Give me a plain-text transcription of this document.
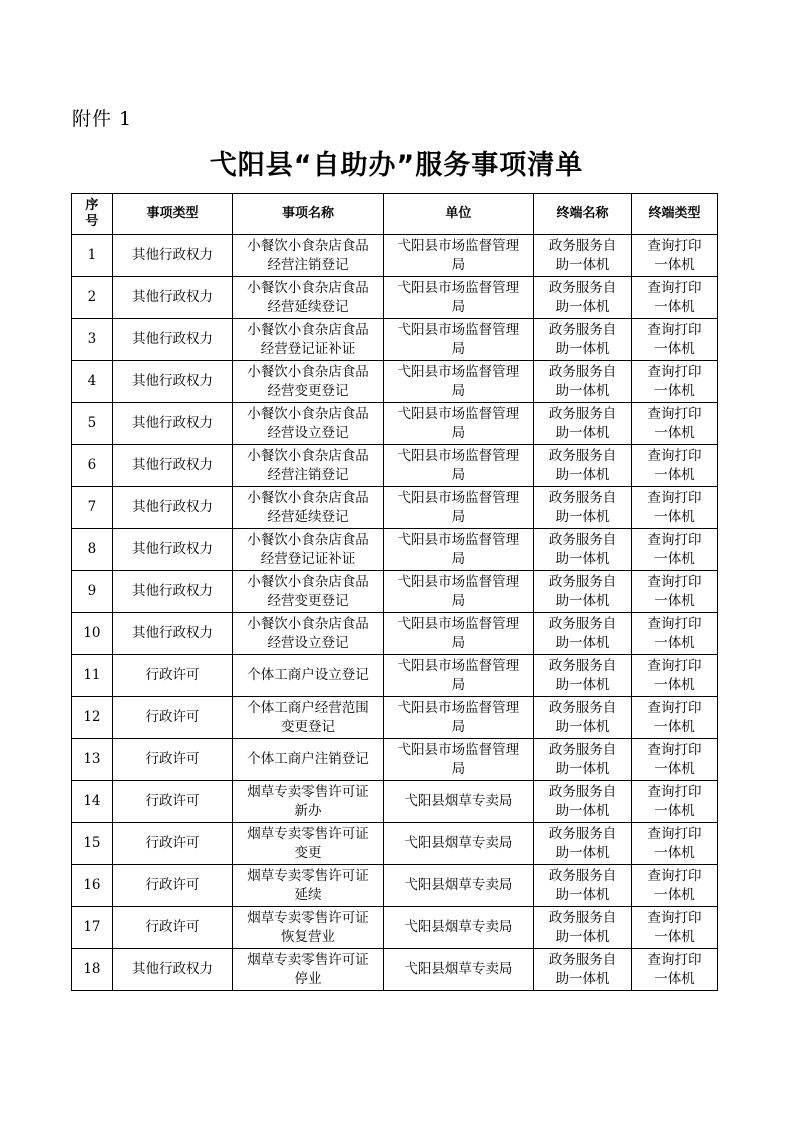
附件 1
弋阳县“自助办”服务事项清单
序号	事项类型	事项名称	单位	终端名称	终端类型
1	其他行政权力	小餐饮小食杂店食品经营注销登记	弋阳县市场监督管理局	政务服务自助一体机	查询打印一体机
2	其他行政权力	小餐饮小食杂店食品经营延续登记	弋阳县市场监督管理局	政务服务自助一体机	查询打印一体机
3	其他行政权力	小餐饮小食杂店食品经营登记证补证	弋阳县市场监督管理局	政务服务自助一体机	查询打印一体机
4	其他行政权力	小餐饮小食杂店食品经营变更登记	弋阳县市场监督管理局	政务服务自助一体机	查询打印一体机
5	其他行政权力	小餐饮小食杂店食品经营设立登记	弋阳县市场监督管理局	政务服务自助一体机	查询打印一体机
6	其他行政权力	小餐饮小食杂店食品经营注销登记	弋阳县市场监督管理局	政务服务自助一体机	查询打印一体机
7	其他行政权力	小餐饮小食杂店食品经营延续登记	弋阳县市场监督管理局	政务服务自助一体机	查询打印一体机
8	其他行政权力	小餐饮小食杂店食品经营登记证补证	弋阳县市场监督管理局	政务服务自助一体机	查询打印一体机
9	其他行政权力	小餐饮小食杂店食品经营变更登记	弋阳县市场监督管理局	政务服务自助一体机	查询打印一体机
10	其他行政权力	小餐饮小食杂店食品经营设立登记	弋阳县市场监督管理局	政务服务自助一体机	查询打印一体机
11	行政许可	个体工商户设立登记	弋阳县市场监督管理局	政务服务自助一体机	查询打印一体机
12	行政许可	个体工商户经营范围变更登记	弋阳县市场监督管理局	政务服务自助一体机	查询打印一体机
13	行政许可	个体工商户注销登记	弋阳县市场监督管理局	政务服务自助一体机	查询打印一体机
14	行政许可	烟草专卖零售许可证新办	弋阳县烟草专卖局	政务服务自助一体机	查询打印一体机
15	行政许可	烟草专卖零售许可证变更	弋阳县烟草专卖局	政务服务自助一体机	查询打印一体机
16	行政许可	烟草专卖零售许可证延续	弋阳县烟草专卖局	政务服务自助一体机	查询打印一体机
17	行政许可	烟草专卖零售许可证恢复营业	弋阳县烟草专卖局	政务服务自助一体机	查询打印一体机
18	其他行政权力	烟草专卖零售许可证停业	弋阳县烟草专卖局	政务服务自助一体机	查询打印一体机
